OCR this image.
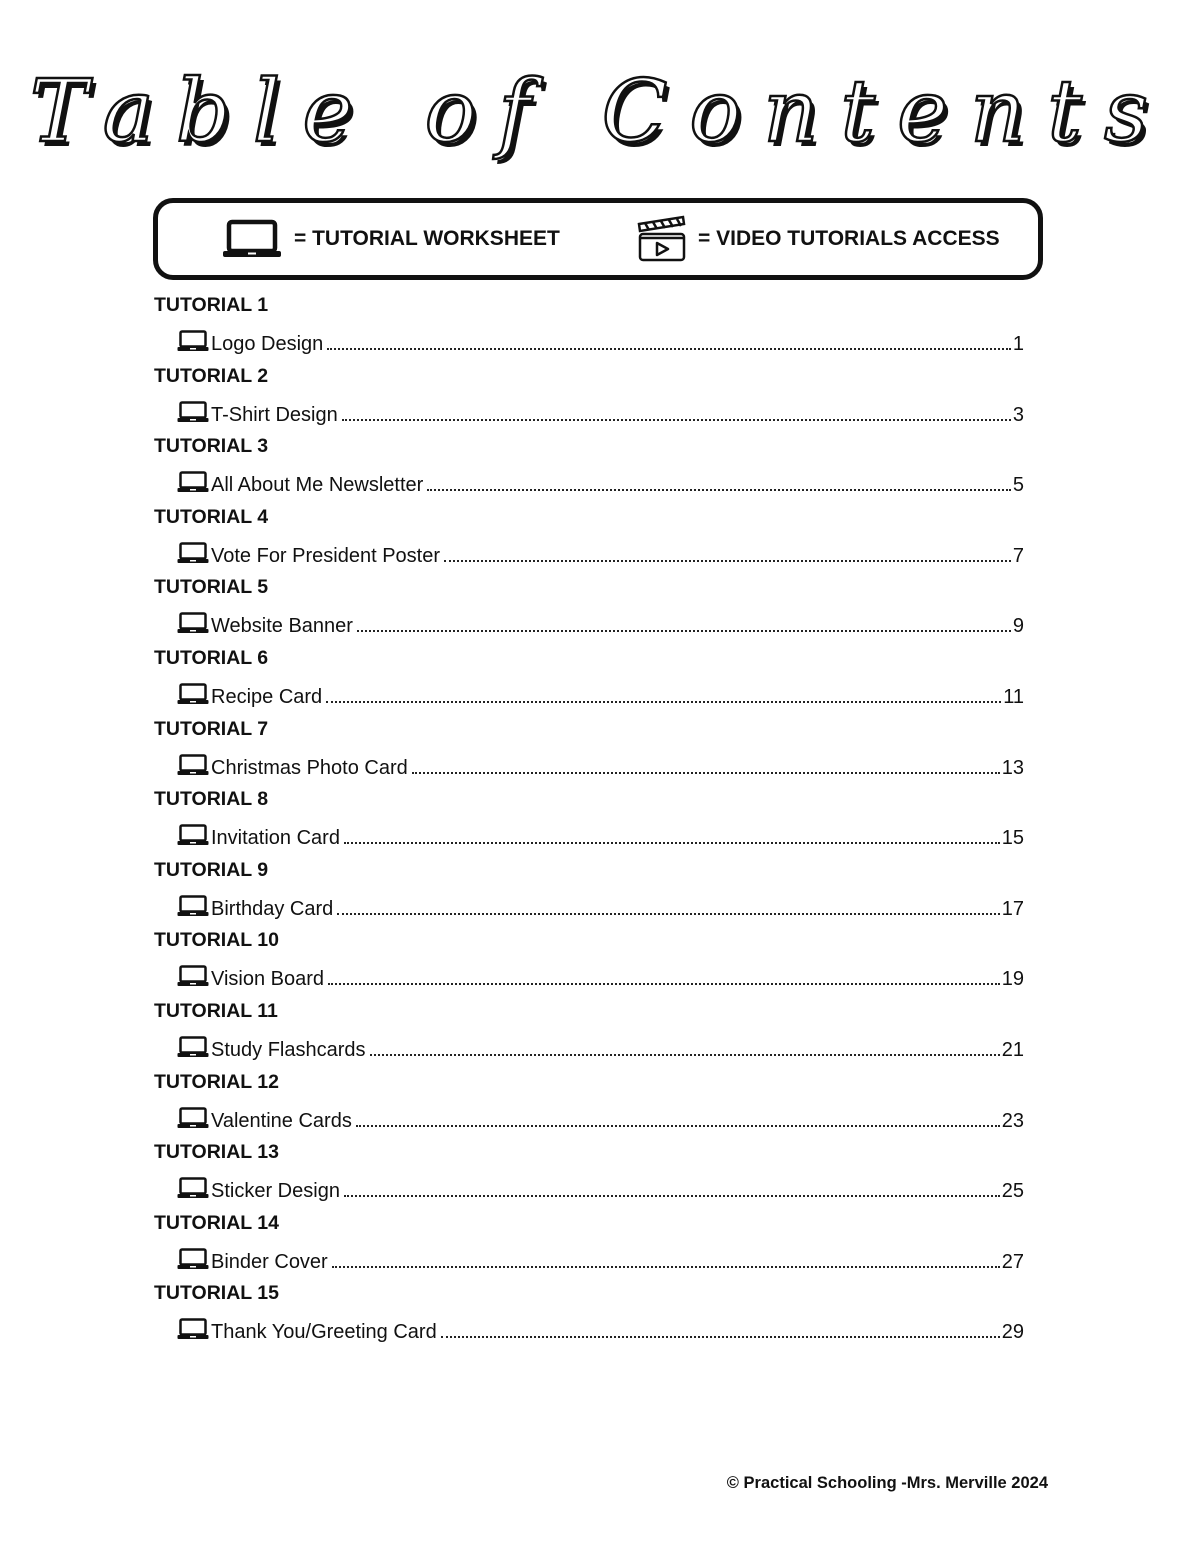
Table of Contents
= TUTORIAL WORKSHEET	= VIDEO TUTORIALS ACCESS
TUTORIAL 1
Logo Design	1
TUTORIAL 2
T-Shirt Design	3
TUTORIAL 3
All About Me Newsletter	5
TUTORIAL 4
Vote For President Poster	7
TUTORIAL 5
Website Banner	9
TUTORIAL 6
Recipe Card	11
TUTORIAL 7
Christmas Photo Card	13
TUTORIAL 8
Invitation Card	15
TUTORIAL 9
Birthday Card	17
TUTORIAL 10
Vision Board	19
TUTORIAL 11
Study Flashcards	21
TUTORIAL 12
Valentine Cards	23
TUTORIAL 13
Sticker Design	25
TUTORIAL 14
Binder Cover	27
TUTORIAL 15
Thank You/Greeting Card	29
© Practical Schooling -Mrs. Merville 2024
